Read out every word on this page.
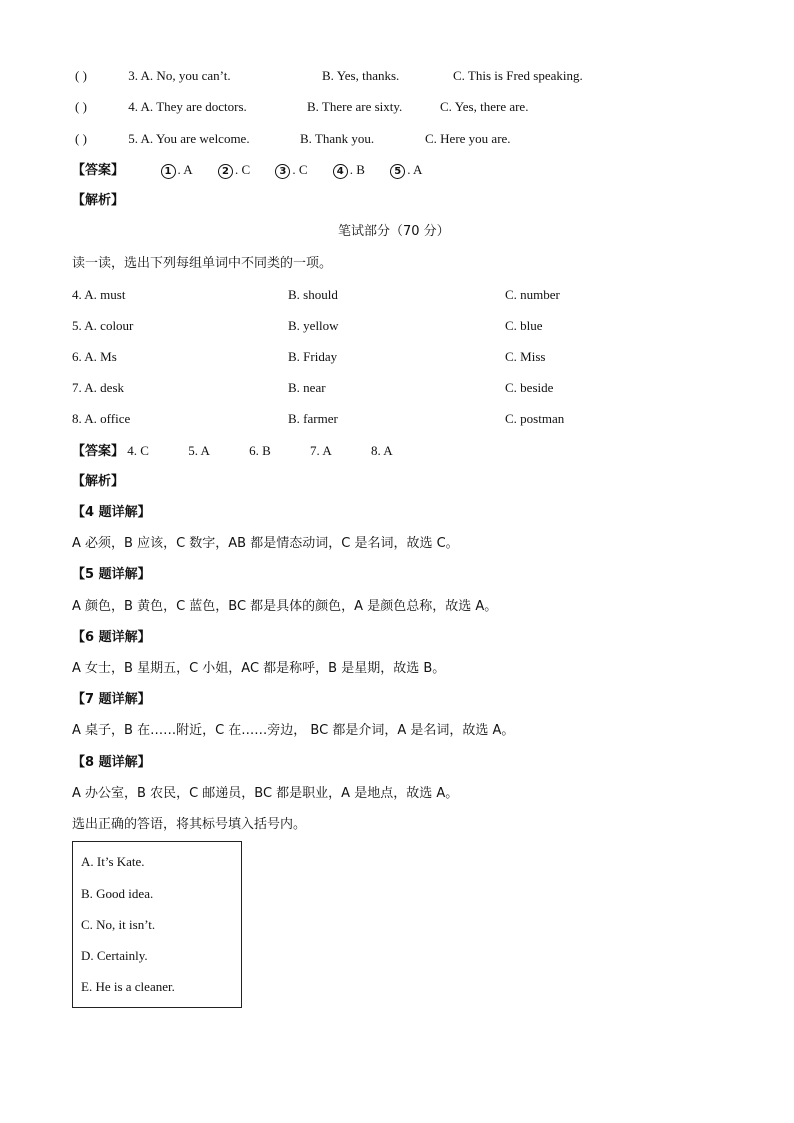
( )	3. A. No, you can’t.	B. Yes, thanks.	C. This is Fred speaking.
( )	4. A. They are doctors.	B. There are sixty.	C. Yes, there are.
( )	5. A. You are welcome.	B. Thank you.	C. Here you are.
【答案】	1 . A	2 . C	3 . C	4 . B	5 . A
【解析】
笔试部分（70 分）
读一读，选出下列每组单词中不同类的一项。
4. A. must	B. should	C. number
5. A. colour	B. yellow	C. blue
6. A. Ms	B. Friday	C. Miss
7. A. desk	B. near	C. beside
8. A. office	B. farmer	C. postman
【答案】 4. C	5. A	6. B	7. A	8. A
【解析】
【4 题详解】
A 必须，B 应该，C 数字，AB 都是情态动词，C 是名词，故选 C。
【5 题详解】
A 颜色，B 黄色，C 蓝色，BC 都是具体的颜色，A 是颜色总称，故选 A。
【6 题详解】
A 女士，B 星期五，C 小姐，AC 都是称呼，B 是星期，故选 B。
【7 题详解】
A 桌子，B 在……附近，C 在……旁边， BC 都是介词，A 是名词，故选 A。
【8 题详解】
A 办公室，B 农民，C 邮递员，BC 都是职业，A 是地点，故选 A。
选出正确的答语，将其标号填入括号内。
A. It’s Kate.
B. Good idea.
C. No, it isn’t.
D. Certainly.
E. He is a cleaner.
